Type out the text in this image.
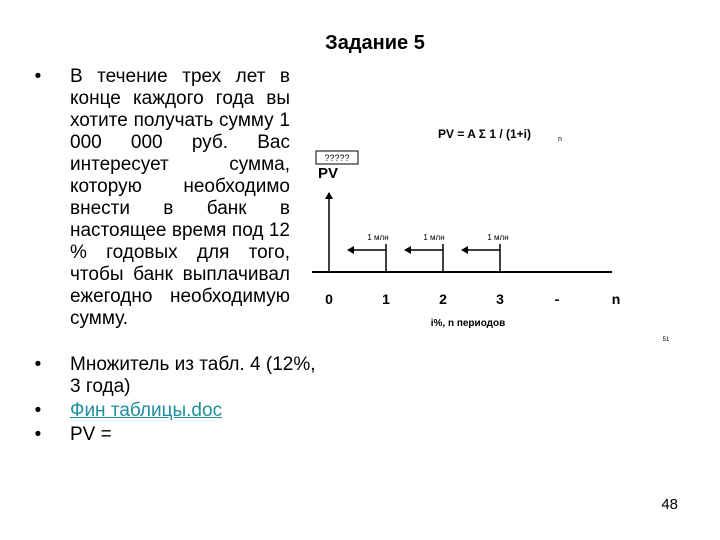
Задание 5
•	В течение трех лет в конце каждого года вы хотите получать сумму 1 000 000 руб. Вас интересует сумма, которую необходимо внести в банк в настоящее время под 12 % годовых для того, чтобы банк выплачивал ежегодно необходимую сумму.
PV = A Σ 1 / (1+i)	n
?????
PV
1 млн	1 млн	1 млн
0	1	2	3	-	n
i%, n периодов
51
•	Множитель из табл. 4 (12%, 3 года)
•	Фин таблицы.doc
•	PV =
48
